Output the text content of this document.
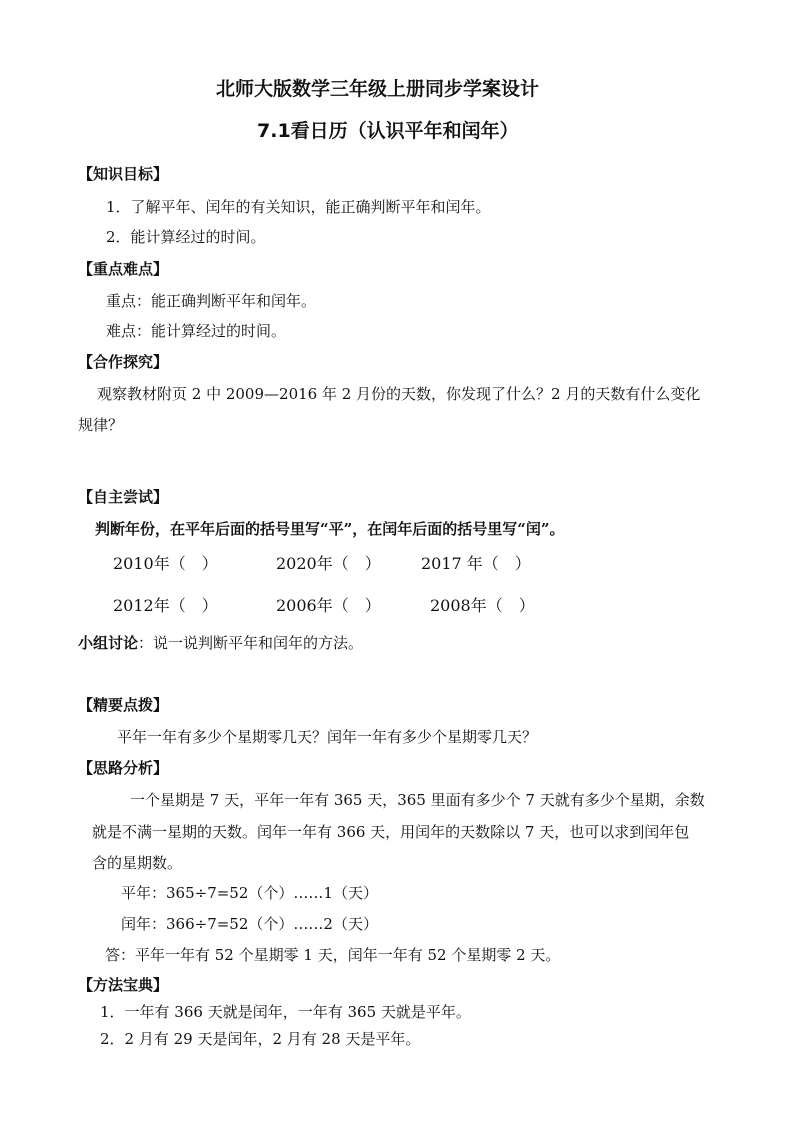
北师大版数学三年级上册同步学案设计
7.1看日历（认识平年和闰年）
【知识目标】
1．了解平年、闰年的有关知识，能正确判断平年和闰年。
2．能计算经过的时间。
【重点难点】
重点：能正确判断平年和闰年。
难点：能计算经过的时间。
【合作探究】
观察教材附页 2 中 2009—2016 年 2 月份的天数，你发现了什么？2 月的天数有什么变化
规律？
【自主尝试】
判断年份，在平年后面的括号里写“平”，在闰年后面的括号里写“闰”。
2010年（　）	2020年（　）	2017 年（　）
2012年（　）	2006年（　）	2008年（　）
小组讨论：说一说判断平年和闰年的方法。
【精要点拨】
平年一年有多少个星期零几天？闰年一年有多少个星期零几天？
【思路分析】
一个星期是 7 天，平年一年有 365 天，365 里面有多少个 7 天就有多少个星期，余数
就是不满一星期的天数。闰年一年有 366 天，用闰年的天数除以 7 天，也可以求到闰年包
含的星期数。
平年：365÷7=52（个）……1（天）
闰年：366÷7=52（个）……2（天）
答：平年一年有 52 个星期零 1 天，闰年一年有 52 个星期零 2 天。
【方法宝典】
1．一年有 366 天就是闰年，一年有 365 天就是平年。
2．2 月有 29 天是闰年，2 月有 28 天是平年。
